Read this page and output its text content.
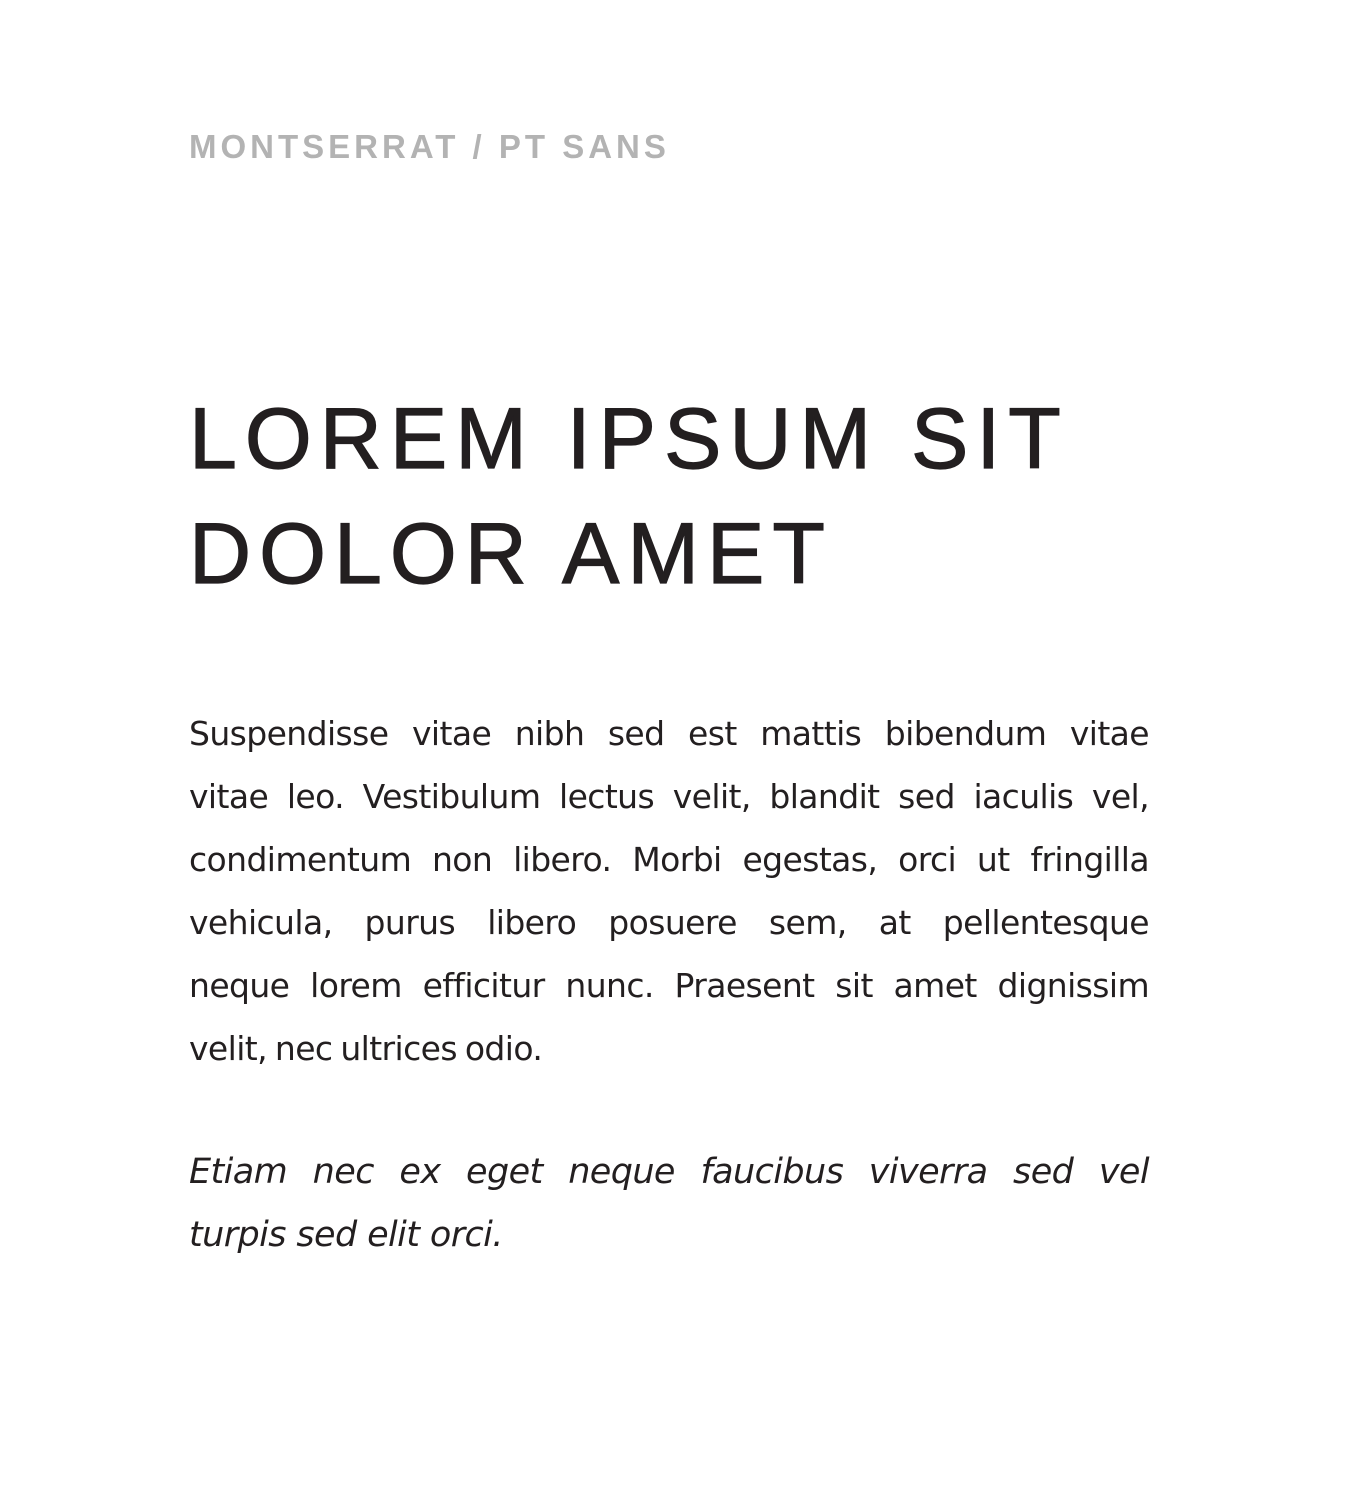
MONTSERRAT / PT SANS

LOREM IPSUM SIT
DOLOR AMET

Suspendisse vitae nibh sed est mattis bibendum vitae
vitae leo. Vestibulum lectus velit, blandit sed iaculis vel,
condimentum non libero. Morbi egestas, orci ut fringilla
vehicula, purus libero posuere sem, at pellentesque
neque lorem efficitur nunc. Praesent sit amet dignissim
velit, nec ultrices odio.

Etiam nec ex eget neque faucibus viverra sed vel
turpis sed elit orci.
